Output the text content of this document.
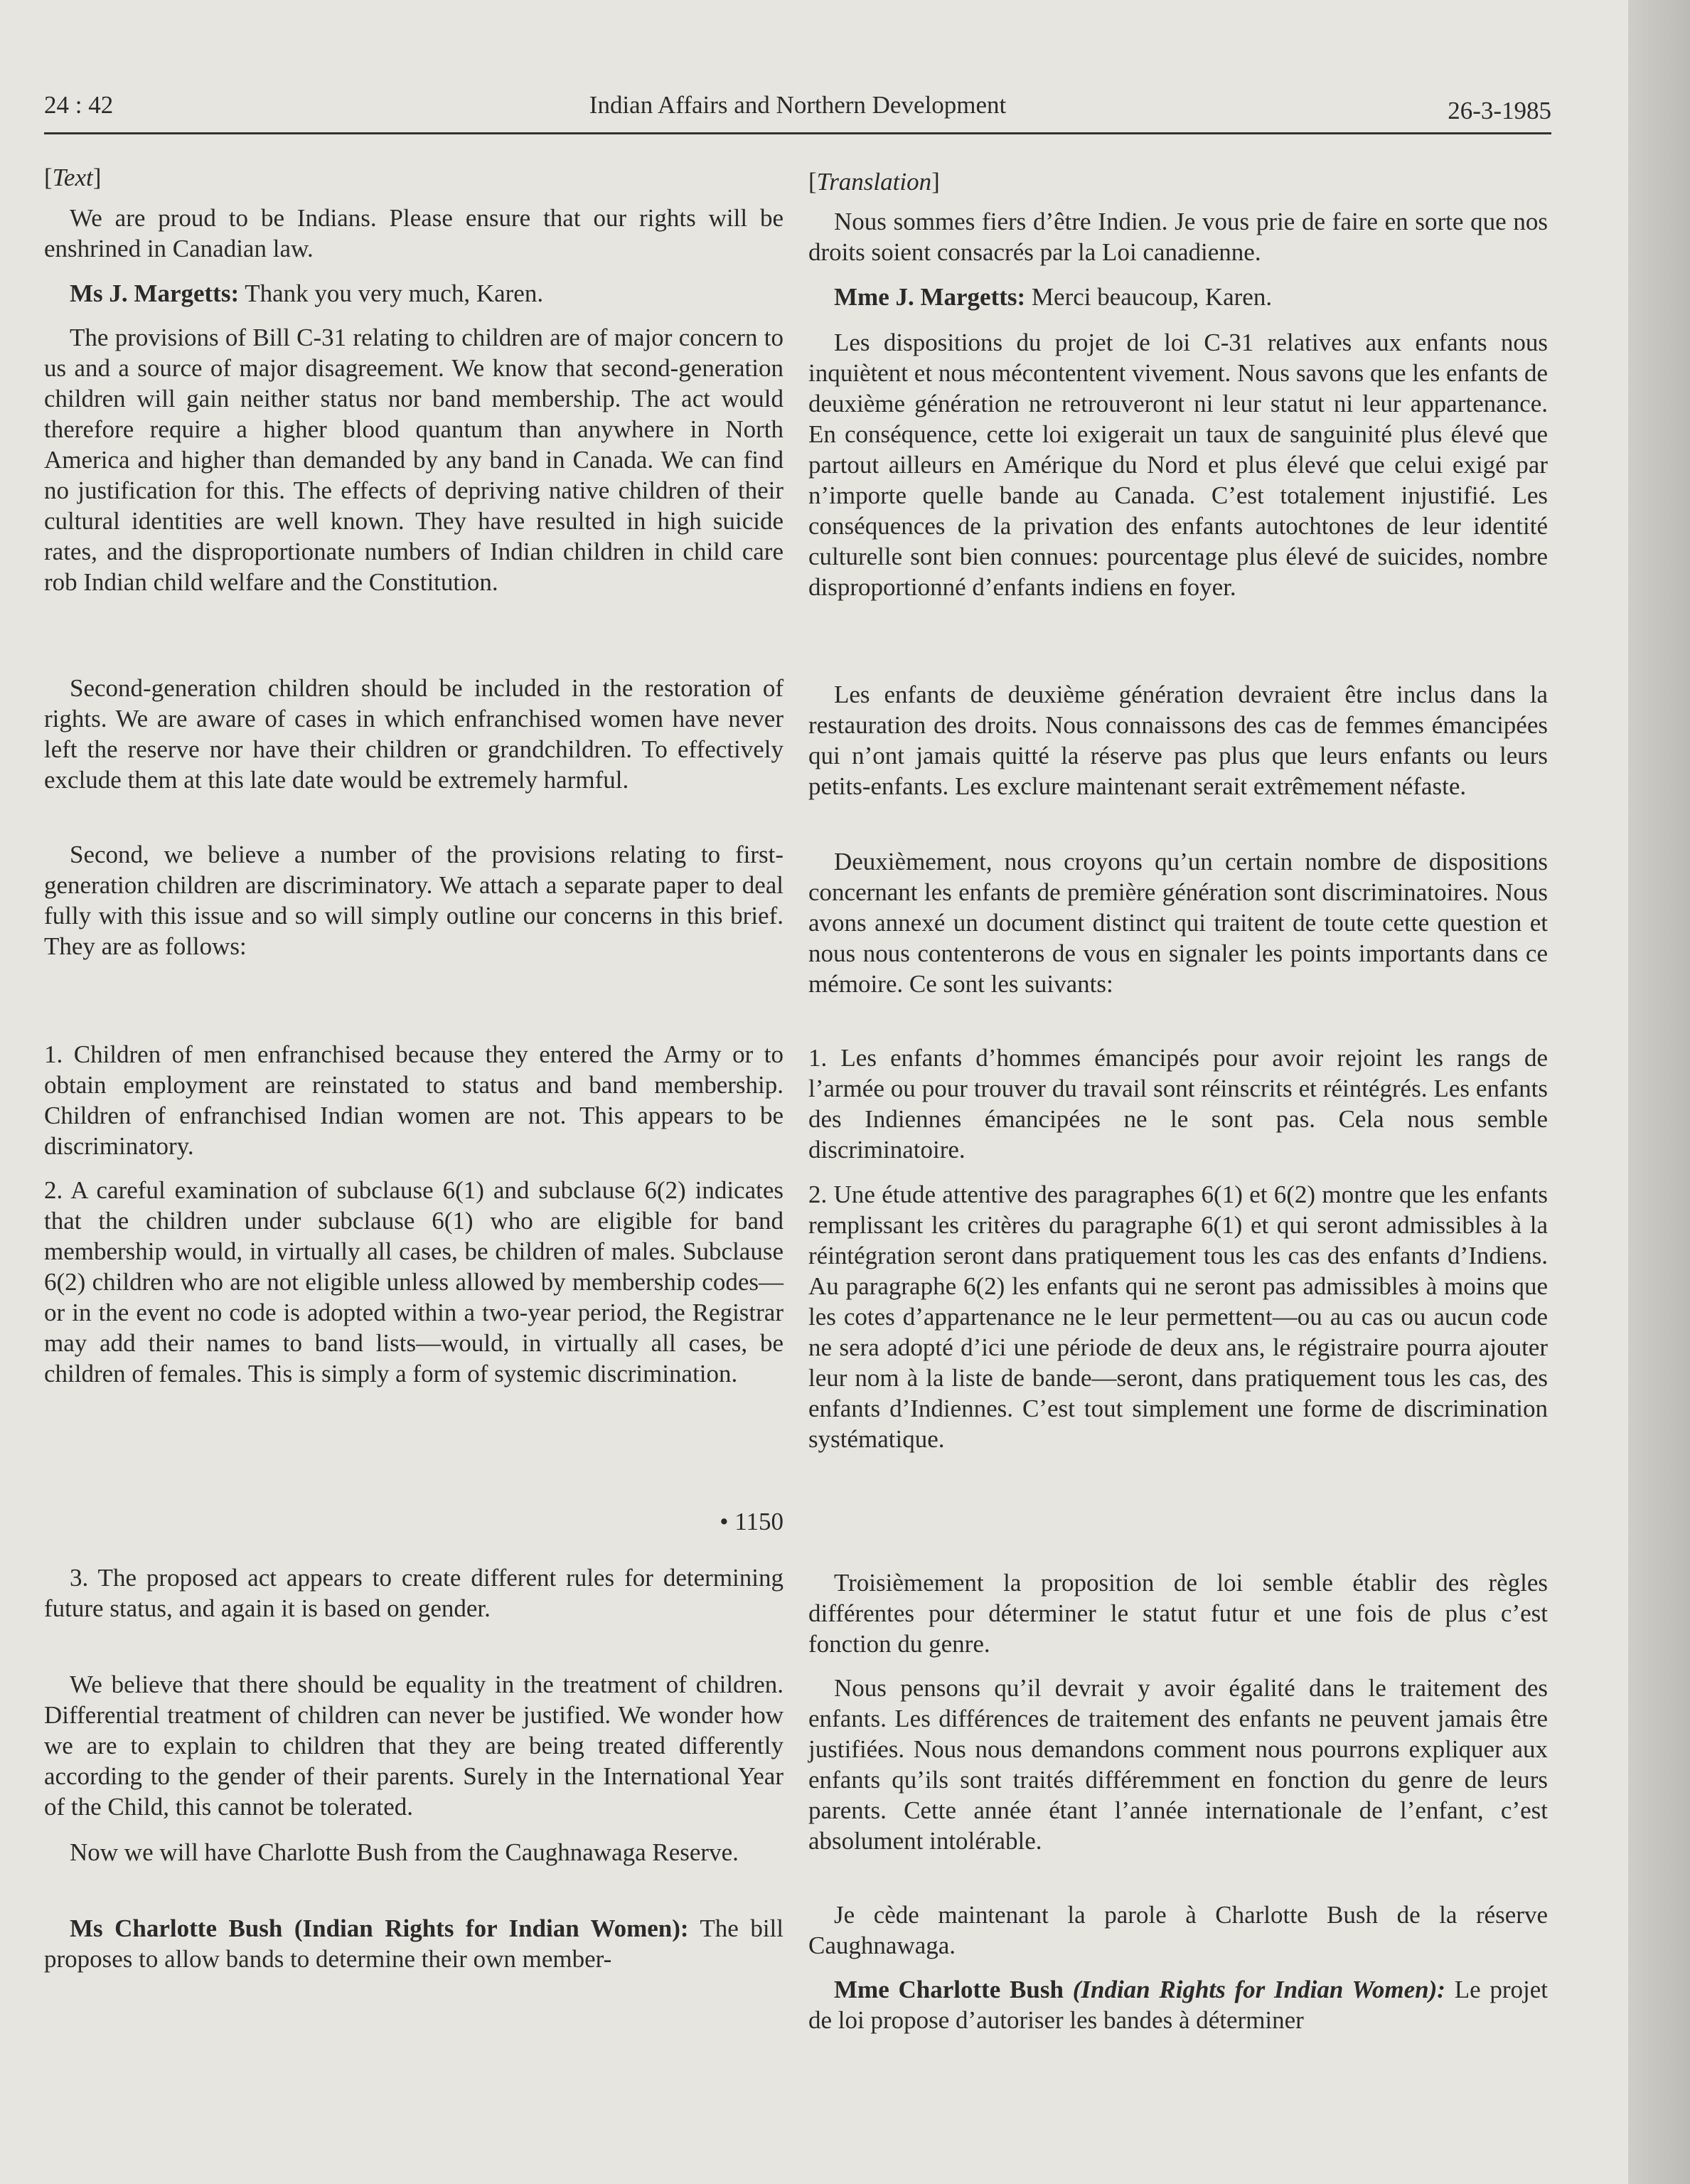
24 : 42	Indian Affairs and Northern Development	26-3-1985
[Text]

We are proud to be Indians. Please ensure that our rights will be enshrined in Canadian law.

Ms J. Margetts: Thank you very much, Karen.

The provisions of Bill C-31 relating to children are of major concern to us and a source of major disagreement. We know that second-generation children will gain neither status nor band membership. The act would therefore require a higher blood quantum than anywhere in North America and higher than demanded by any band in Canada. We can find no justification for this. The effects of depriving native children of their cultural identities are well known. They have resulted in high suicide rates, and the disproportionate numbers of Indian children in child care rob Indian child welfare and the Constitution.

Second-generation children should be included in the restoration of rights. We are aware of cases in which enfranchised women have never left the reserve nor have their children or grandchildren. To effectively exclude them at this late date would be extremely harmful.

Second, we believe a number of the provisions relating to first-generation children are discriminatory. We attach a separate paper to deal fully with this issue and so will simply outline our concerns in this brief. They are as follows:

1. Children of men enfranchised because they entered the Army or to obtain employment are reinstated to status and band membership. Children of enfranchised Indian women are not. This appears to be discriminatory.

2. A careful examination of subclause 6(1) and subclause 6(2) indicates that the children under subclause 6(1) who are eligible for band membership would, in virtually all cases, be children of males. Subclause 6(2) children who are not eligible unless allowed by membership codes—or in the event no code is adopted within a two-year period, the Registrar may add their names to band lists—would, in virtually all cases, be children of females. This is simply a form of systemic discrimination.

• 1150

3. The proposed act appears to create different rules for determining future status, and again it is based on gender.

We believe that there should be equality in the treatment of children. Differential treatment of children can never be justified. We wonder how we are to explain to children that they are being treated differently according to the gender of their parents. Surely in the International Year of the Child, this cannot be tolerated.

Now we will have Charlotte Bush from the Caughnawaga Reserve.

Ms Charlotte Bush (Indian Rights for Indian Women): The bill proposes to allow bands to determine their own member-

[Translation]

Nous sommes fiers d’être Indien. Je vous prie de faire en sorte que nos droits soient consacrés par la Loi canadienne.

Mme J. Margetts: Merci beaucoup, Karen.

Les dispositions du projet de loi C-31 relatives aux enfants nous inquiètent et nous mécontentent vivement. Nous savons que les enfants de deuxième génération ne retrouveront ni leur statut ni leur appartenance. En conséquence, cette loi exigerait un taux de sanguinité plus élevé que partout ailleurs en Amérique du Nord et plus élevé que celui exigé par n’importe quelle bande au Canada. C’est totalement injustifié. Les conséquences de la privation des enfants autochtones de leur identité culturelle sont bien connues: pourcentage plus élevé de suicides, nombre disproportionné d’enfants indiens en foyer.

Les enfants de deuxième génération devraient être inclus dans la restauration des droits. Nous connaissons des cas de femmes émancipées qui n’ont jamais quitté la réserve pas plus que leurs enfants ou leurs petits-enfants. Les exclure maintenant serait extrêmement néfaste.

Deuxièmement, nous croyons qu’un certain nombre de dispositions concernant les enfants de première génération sont discriminatoires. Nous avons annexé un document distinct qui traitent de toute cette question et nous nous contenterons de vous en signaler les points importants dans ce mémoire. Ce sont les suivants:

1. Les enfants d’hommes émancipés pour avoir rejoint les rangs de l’armée ou pour trouver du travail sont réinscrits et réintégrés. Les enfants des Indiennes émancipées ne le sont pas. Cela nous semble discriminatoire.

2. Une étude attentive des paragraphes 6(1) et 6(2) montre que les enfants remplissant les critères du paragraphe 6(1) et qui seront admissibles à la réintégration seront dans pratiquement tous les cas des enfants d’Indiens. Au paragraphe 6(2) les enfants qui ne seront pas admissibles à moins que les cotes d’appartenance ne le leur permettent—ou au cas ou aucun code ne sera adopté d’ici une période de deux ans, le régistraire pourra ajouter leur nom à la liste de bande—seront, dans pratiquement tous les cas, des enfants d’Indiennes. C’est tout simplement une forme de discrimination systématique.

Troisièmement la proposition de loi semble établir des règles différentes pour déterminer le statut futur et une fois de plus c’est fonction du genre.

Nous pensons qu’il devrait y avoir égalité dans le traitement des enfants. Les différences de traitement des enfants ne peuvent jamais être justifiées. Nous nous demandons comment nous pourrons expliquer aux enfants qu’ils sont traités différemment en fonction du genre de leurs parents. Cette année étant l’année internationale de l’enfant, c’est absolument intolérable.

Je cède maintenant la parole à Charlotte Bush de la réserve Caughnawaga.

Mme Charlotte Bush (Indian Rights for Indian Women): Le projet de loi propose d’autoriser les bandes à déterminer
